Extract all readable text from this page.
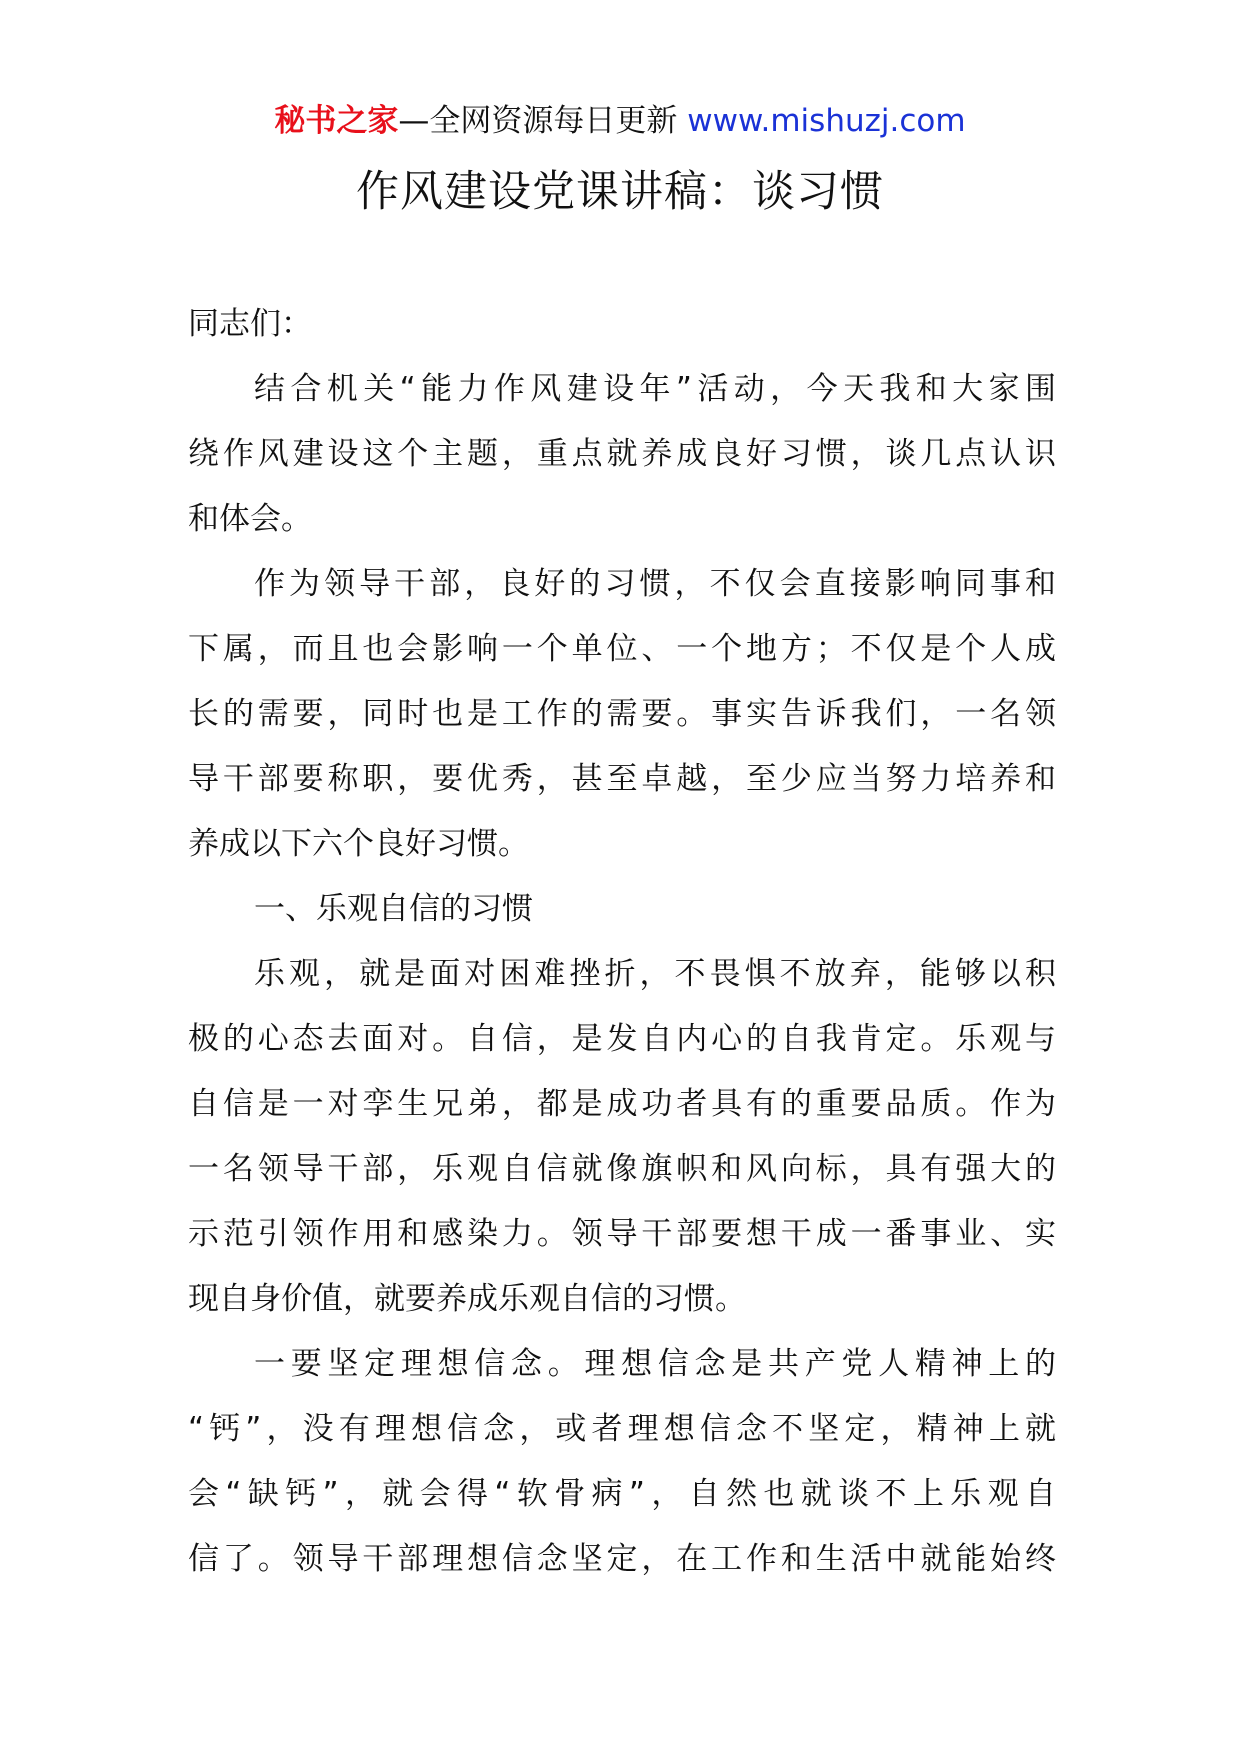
秘书之家—全网资源每日更新 www.mishuzj.com
作风建设党课讲稿：谈习惯
同志们：
结合机关“能力作风建设年”活动，今天我和大家围
绕作风建设这个主题，重点就养成良好习惯，谈几点认识
和体会。
作为领导干部，良好的习惯，不仅会直接影响同事和
下属，而且也会影响一个单位、一个地方；不仅是个人成
长的需要，同时也是工作的需要。事实告诉我们，一名领
导干部要称职，要优秀，甚至卓越，至少应当努力培养和
养成以下六个良好习惯。
一、乐观自信的习惯
乐观，就是面对困难挫折，不畏惧不放弃，能够以积
极的心态去面对。自信，是发自内心的自我肯定。乐观与
自信是一对孪生兄弟，都是成功者具有的重要品质。作为
一名领导干部，乐观自信就像旗帜和风向标，具有强大的
示范引领作用和感染力。领导干部要想干成一番事业、实
现自身价值，就要养成乐观自信的习惯。
一要坚定理想信念。理想信念是共产党人精神上的
“钙”，没有理想信念，或者理想信念不坚定，精神上就
会“缺钙”，就会得“软骨病”，自然也就谈不上乐观自
信了。领导干部理想信念坚定，在工作和生活中就能始终
